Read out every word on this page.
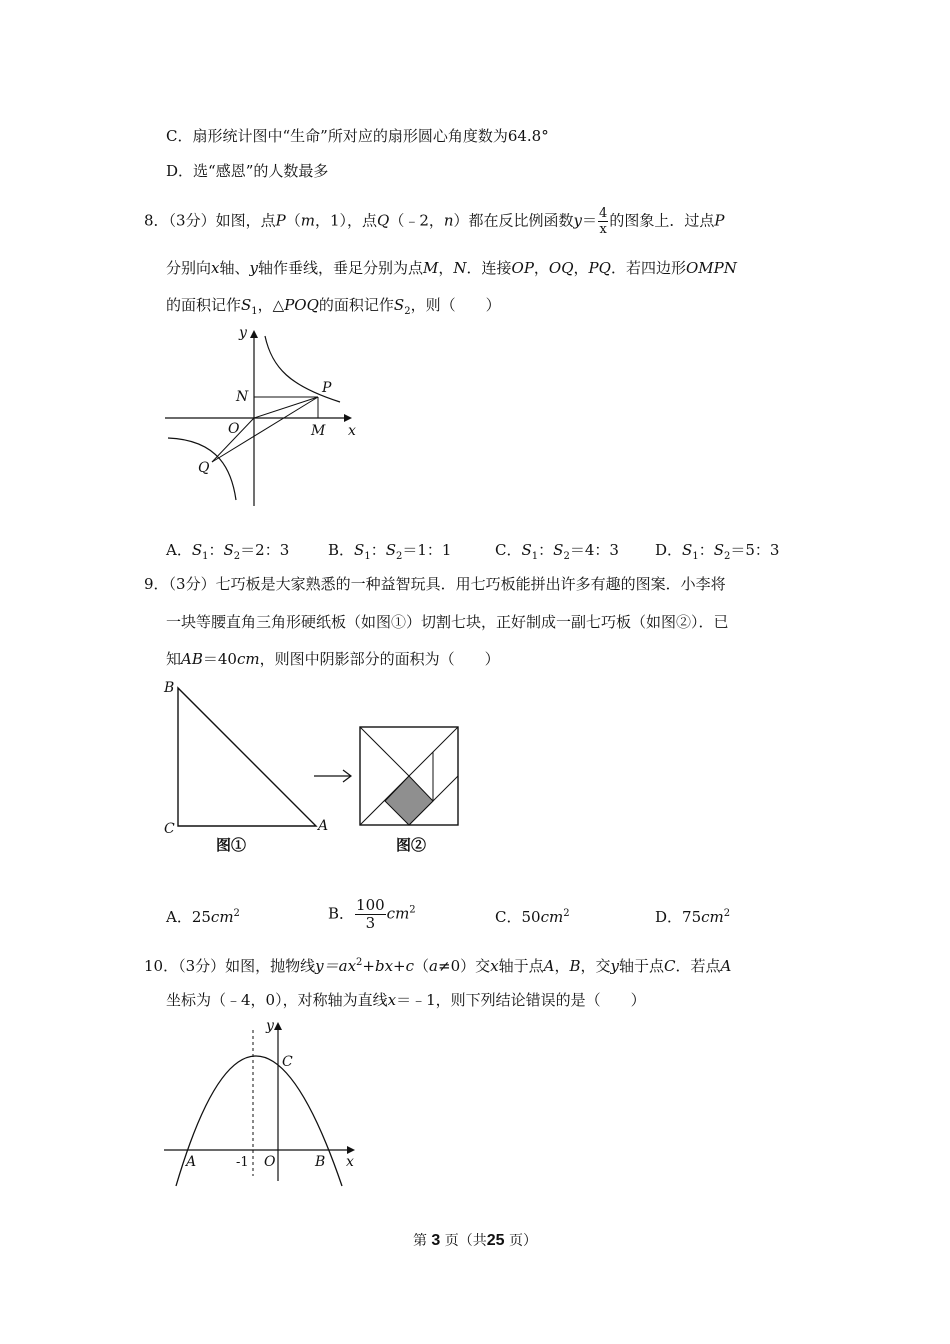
C．扇形统计图中“生命”所对应的扇形圆心角度数为64.8°
D．选“感恩”的人数最多
8．（3分）如图，点P（m，1），点Q（﹣2，n）都在反比例函数$y= \frac{4}{x}$ 的图象上．过点P
分别向x轴、y轴作垂线，垂足分别为点M，N．连接OP，OQ，PQ．若四边形OMPN
的面积记作$S_1$，△POQ的面积记作$S_2$，则（　　）
y
N
P
O	M x
Q
A．$S_1$：$S_2=2$：3	B．$S_1$：$S_2=1$：1	C．$S_1$：$S_2=4$：3 D．$S_1$：$S_2=5$：3
9．（3分）七巧板是大家熟悉的一种益智玩具．用七巧板能拼出许多有趣的图案．小李将
一块等腰直角三角形硬纸板（如图①）切割七块，正好制成一副七巧板（如图②）．已
知AB＝40cm，则图中阴影部分的面积为（　　）
B
C	A
图①	图②
A．$25cm^2$	B． $\frac{100}{3} cm^2$	C．$50cm^2$	D．$75cm^2$
10．（3分）如图，抛物线$y=ax^2+bx+c(a\ne 0)$交x轴于点A，B，交y轴于点C．若点A
坐标为（﹣4，0），对称轴为直线x＝﹣1，则下列结论错误的是（　　）
y
C
A	-1 O	B x
第 3 页（共25 页）
